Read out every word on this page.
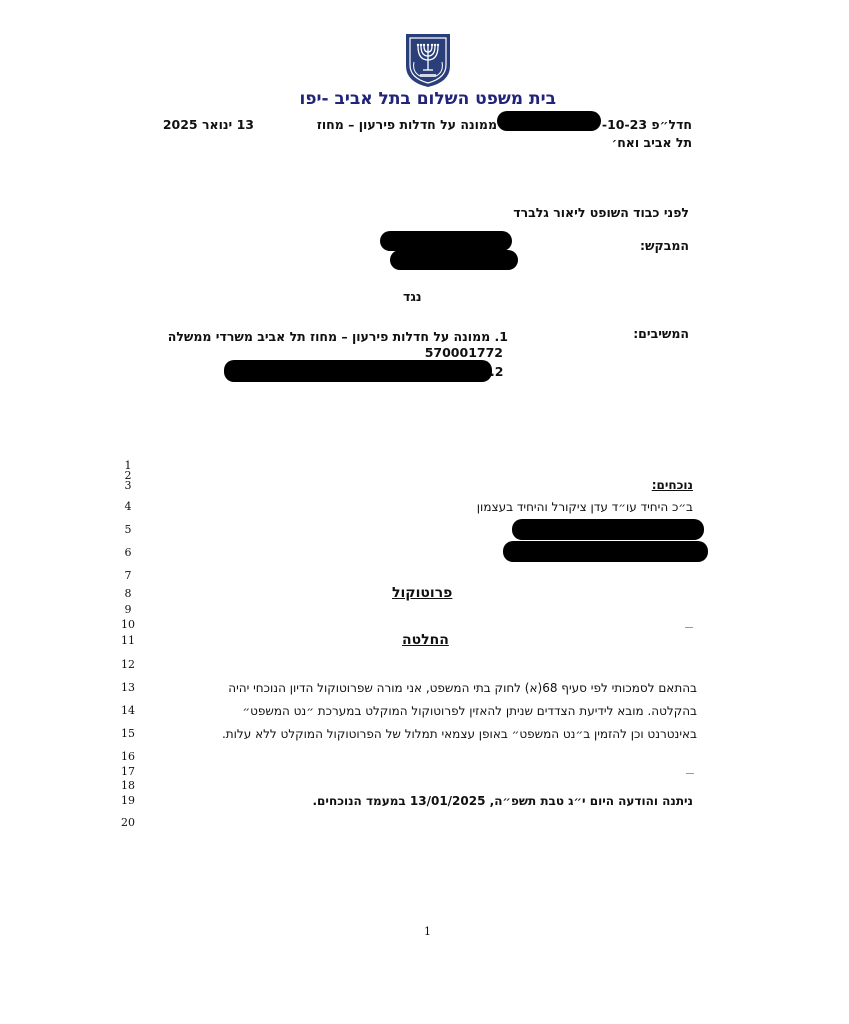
בית משפט השלום בתל אביב -יפו
חדל״פ 10-23-
ממונה על חדלות פירעון – מחוז
13 ינואר 2025
תל אביב ואח׳
לפני כבוד השופט ליאור גלברד
המבקש:
נגד
המשיבים:
1. ממונה על חדלות פירעון – מחוז תל אביב משרדי ממשלה
570001772
.2
1
2
3
4
5
6
7
8
9
10
11
12
13
14
15
16
17
18
19
20
נוכחים:
ב״כ היחיד עו״ד עדן ציקורל והיחיד בעצמון
פרוטוקול
החלטה
בהתאם לסמכותי לפי סעיף 68(א) לחוק בתי המשפט, אני מורה שפרוטוקול הדיון הנוכחי יהיה
בהקלטה. מובא לידיעת הצדדים שניתן להאזין לפרוטוקול המוקלט במערכת ״נט המשפט״
באינטרנט וכן להזמין ב״נט המשפט״ באופן עצמאי תמלול של הפרוטוקול המוקלט ללא עלות.
ניתנה והודעה היום י״ג טבת תשפ״ה, 13/01/2025 במעמד הנוכחים.
1
